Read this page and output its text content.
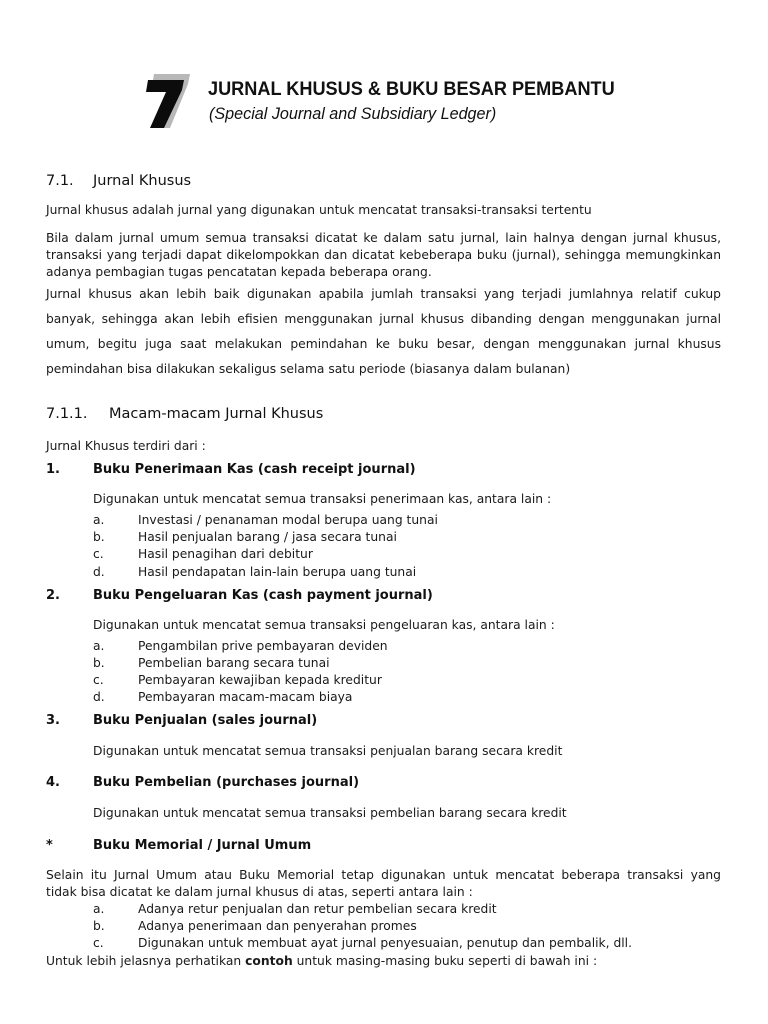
JURNAL KHUSUS & BUKU BESAR PEMBANTU
(Special Journal and Subsidiary Ledger)
7.1. Jurnal Khusus
Jurnal khusus adalah jurnal yang digunakan untuk mencatat transaksi-transaksi tertentu
Bila dalam jurnal umum semua transaksi dicatat ke dalam satu jurnal, lain halnya dengan jurnal khusus,
transaksi yang terjadi dapat dikelompokkan dan dicatat kebeberapa buku (jurnal), sehingga memungkinkan
adanya pembagian tugas pencatatan kepada beberapa orang.
Jurnal khusus akan lebih baik digunakan apabila jumlah transaksi yang terjadi jumlahnya relatif cukup
banyak, sehingga akan lebih efisien menggunakan jurnal khusus dibanding dengan menggunakan jurnal
umum, begitu juga saat melakukan pemindahan ke buku besar, dengan menggunakan jurnal khusus
pemindahan bisa dilakukan sekaligus selama satu periode (biasanya dalam bulanan)
7.1.1. Macam-macam Jurnal Khusus
Jurnal Khusus terdiri dari :
1.	Buku Penerimaan Kas (cash receipt journal)
Digunakan untuk mencatat semua transaksi penerimaan kas, antara lain :
a.	Investasi / penanaman modal berupa uang tunai
b.	Hasil penjualan barang / jasa secara tunai
c.	Hasil penagihan dari debitur
d.	Hasil pendapatan lain-lain berupa uang tunai
2.	Buku Pengeluaran Kas (cash payment journal)
Digunakan untuk mencatat semua transaksi pengeluaran kas, antara lain :
a.	Pengambilan prive pembayaran deviden
b.	Pembelian barang secara tunai
c.	Pembayaran kewajiban kepada kreditur
d.	Pembayaran macam-macam biaya
3.	Buku Penjualan (sales journal)
Digunakan untuk mencatat semua transaksi penjualan barang secara kredit
4.	Buku Pembelian (purchases journal)
Digunakan untuk mencatat semua transaksi pembelian barang secara kredit
*	Buku Memorial / Jurnal Umum
Selain itu Jurnal Umum atau Buku Memorial tetap digunakan untuk mencatat beberapa transaksi yang
tidak bisa dicatat ke dalam jurnal khusus di atas, seperti antara lain :
a.	Adanya retur penjualan dan retur pembelian secara kredit
b.	Adanya penerimaan dan penyerahan promes
c.	Digunakan untuk membuat ayat jurnal penyesuaian, penutup dan pembalik, dll.
Untuk lebih jelasnya perhatikan contoh untuk masing-masing buku seperti di bawah ini :
